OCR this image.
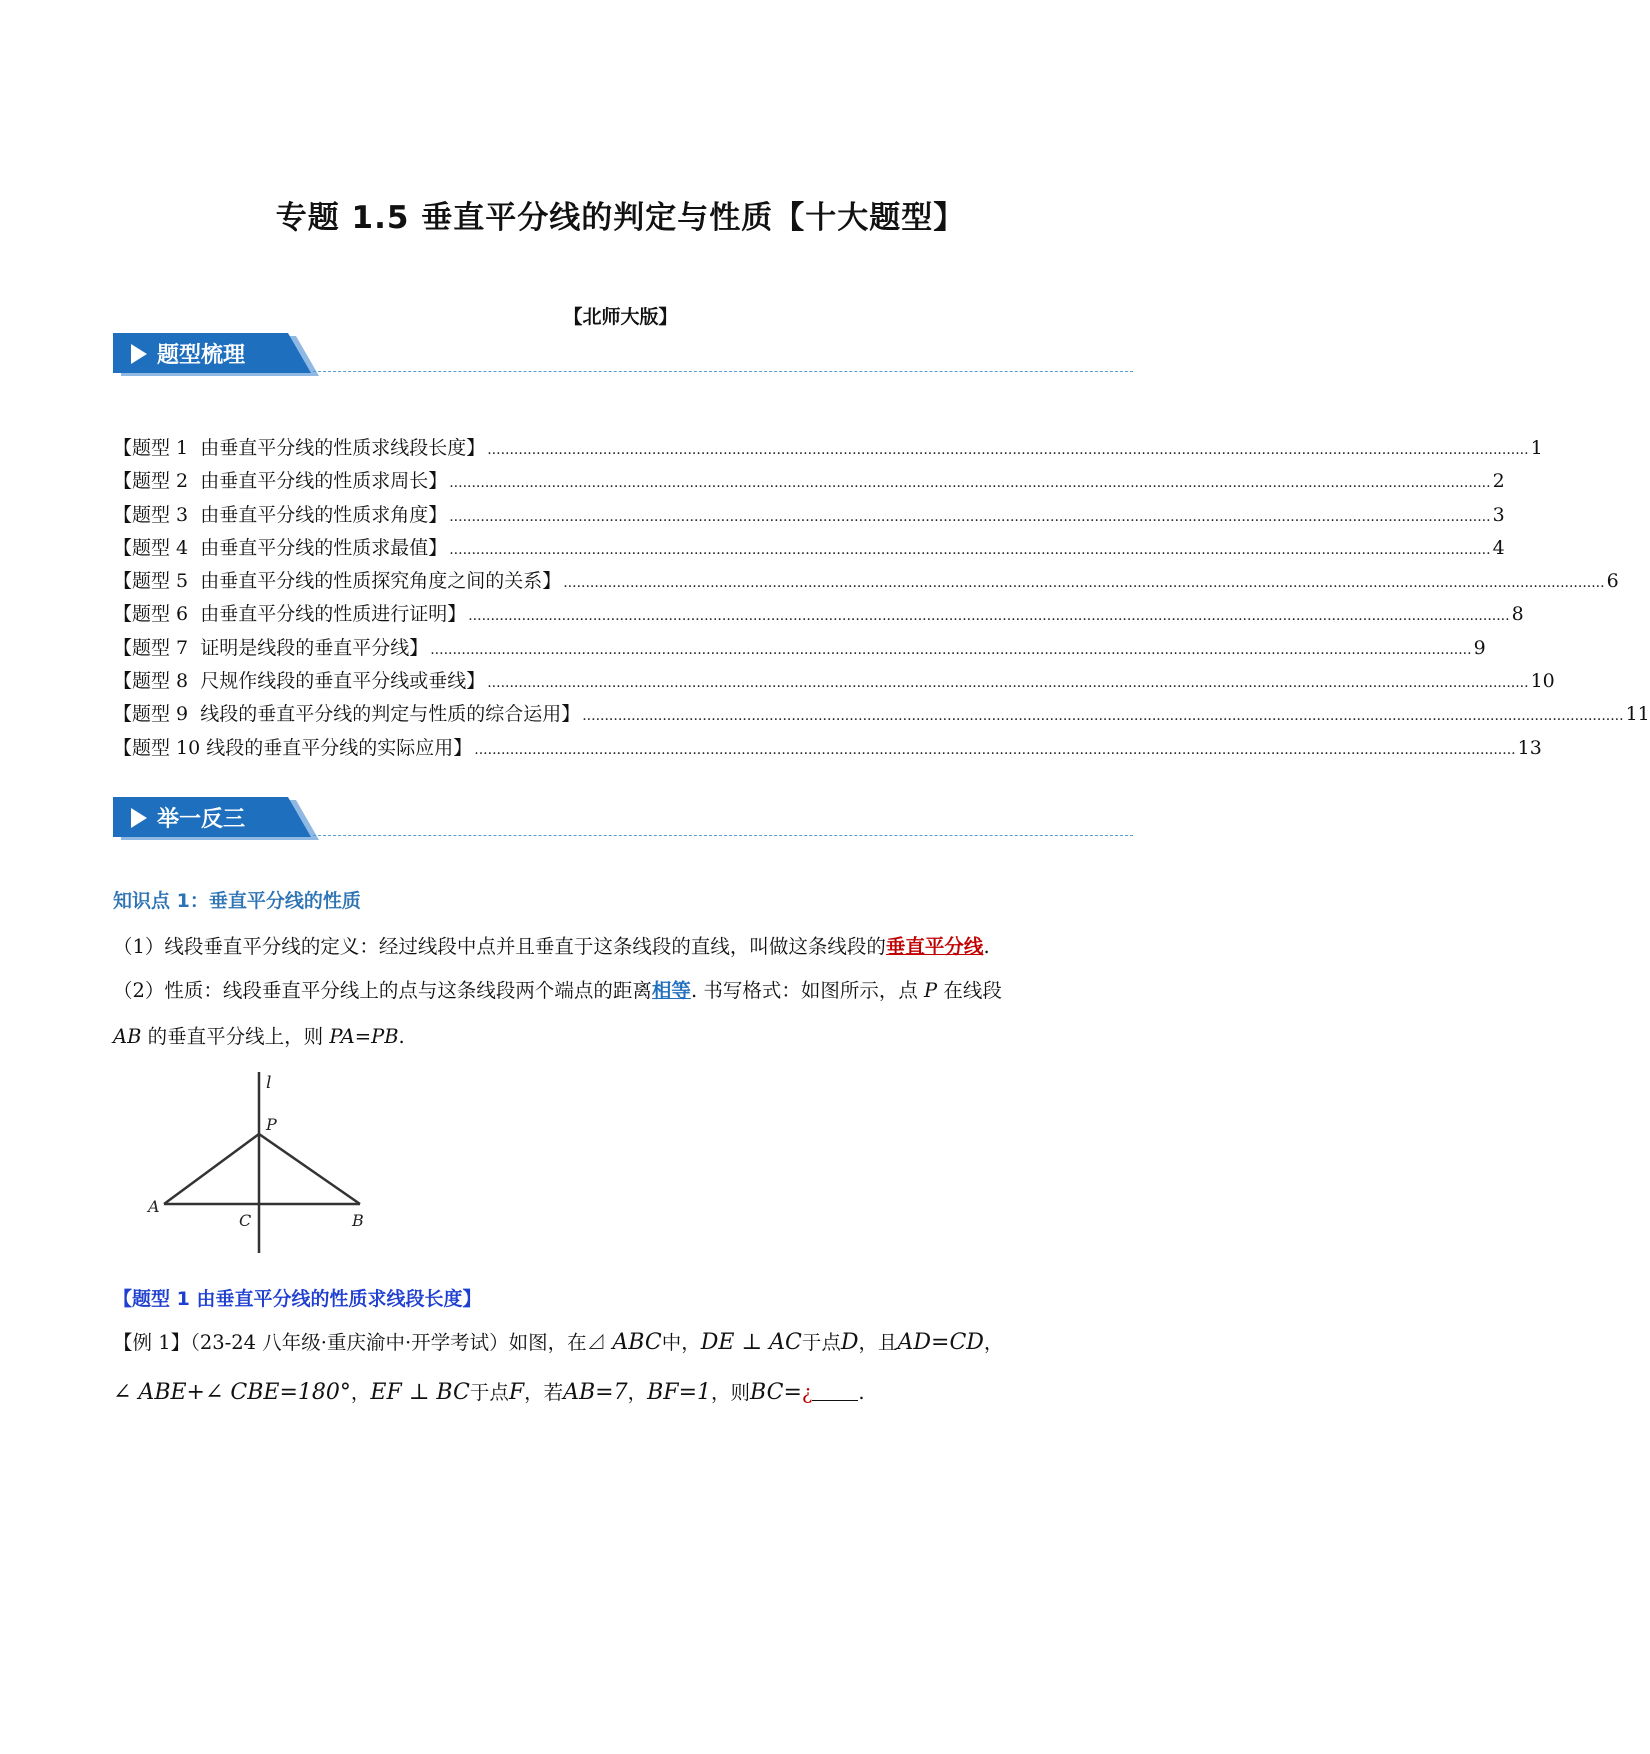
专题 1.5 垂直平分线的判定与性质【十大题型】
【北师大版】
题型梳理
【题型 1  由垂直平分线的性质求线段长度】 .......................................................................................................................................................................................................................................... 1
【题型 2  由垂直平分线的性质求周长】 .......................................................................................................................................................................................................................................... 2
【题型 3  由垂直平分线的性质求角度】 .......................................................................................................................................................................................................................................... 3
【题型 4  由垂直平分线的性质求最值】 .......................................................................................................................................................................................................................................... 4
【题型 5  由垂直平分线的性质探究角度之间的关系】 .......................................................................................................................................................................................................................................... 6
【题型 6  由垂直平分线的性质进行证明】 .......................................................................................................................................................................................................................................... 8
【题型 7  证明是线段的垂直平分线】 .......................................................................................................................................................................................................................................... 9
【题型 8  尺规作线段的垂直平分线或垂线】 .......................................................................................................................................................................................................................................... 10
【题型 9  线段的垂直平分线的判定与性质的综合运用】 .......................................................................................................................................................................................................................................... 11
【题型 10 线段的垂直平分线的实际应用】 .......................................................................................................................................................................................................................................... 13
举一反三
知识点 1：垂直平分线的性质
（1）线段垂直平分线的定义：经过线段中点并且垂直于这条线段的直线，叫做这条线段的垂直平分线.
（2）性质：线段垂直平分线上的点与这条线段两个端点的距离相等. 书写格式：如图所示，点 P 在线段
AB 的垂直平分线上，则 PA=PB.
l
P
A
C	B
【题型 1 由垂直平分线的性质求线段长度】
【例 1】（23-24 八年级·重庆渝中·开学考试）如图，在⊿ ABC中，DE ⊥ AC于点D，且AD=CD，
∠ ABE+∠ CBE=180°，EF ⊥ BC于点F，若AB=7，BF=1，则BC=¿ .
